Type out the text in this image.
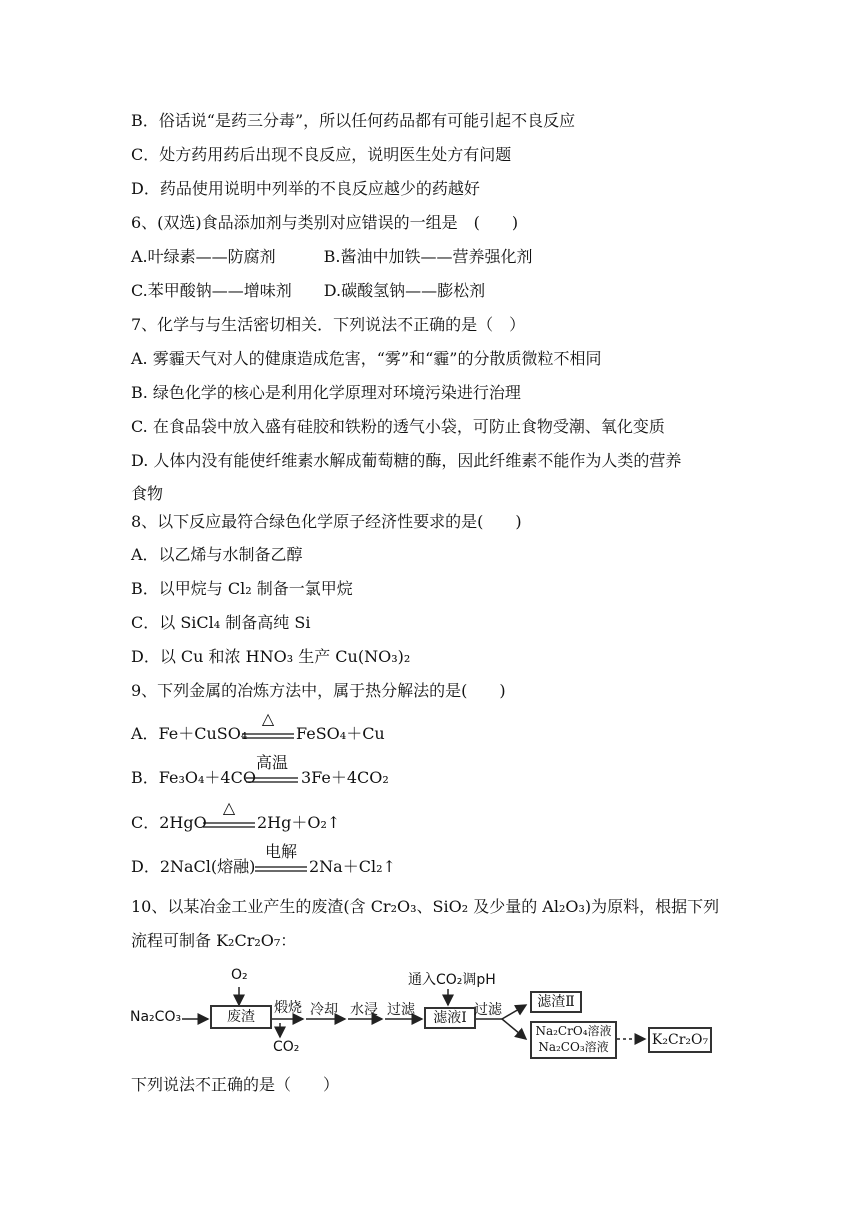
B．俗话说“是药三分毒”，所以任何药品都有可能引起不良反应
C．处方药用药后出现不良反应，说明医生处方有问题
D．药品使用说明中列举的不良反应越少的药越好
6、(双选)食品添加剂与类别对应错误的一组是　(　　)
A.叶绿素——防腐剂　　　B.酱油中加铁——营养强化剂
C.苯甲酸钠——增味剂　　D.碳酸氢钠——膨松剂
7、化学与与生活密切相关．下列说法不正确的是（　）
A. 雾霾天气对人的健康造成危害，“雾”和“霾”的分散质微粒不相同
B. 绿色化学的核心是利用化学原理对环境污染进行治理
C. 在食品袋中放入盛有硅胶和铁粉的透气小袋，可防止食物受潮、氧化变质
D. 人体内没有能使纤维素水解成葡萄糖的酶，因此纤维素不能作为人类的营养
食物
8、以下反应最符合绿色化学原子经济性要求的是(　　)
A．以乙烯与水制备乙醇
B．以甲烷与 Cl₂ 制备一氯甲烷
C．以 SiCl₄ 制备高纯 Si
D．以 Cu 和浓 HNO₃ 生产 Cu(NO₃)₂
9、下列金属的冶炼方法中，属于热分解法的是(　　)
A．Fe＋CuSO₄
△
FeSO₄＋Cu
B．Fe₃O₄＋4CO
高温
3Fe＋4CO₂
C．2HgO
△
2Hg＋O₂↑
D．2NaCl(熔融)
电解
2Na＋Cl₂↑
10、以某冶金工业产生的废渣(含 Cr₂O₃、SiO₂ 及少量的 Al₂O₃)为原料，根据下列
流程可制备 K₂Cr₂O₇：
Na₂CO₃
O₂
废渣
煅烧
CO₂
冷却 水浸 过滤
通入CO₂调pH
滤液Ⅰ 过滤	滤渣Ⅱ
Na₂CrO₄溶液
Na₂CO₃溶液	K₂Cr₂O₇
下列说法不正确的是（　　）
